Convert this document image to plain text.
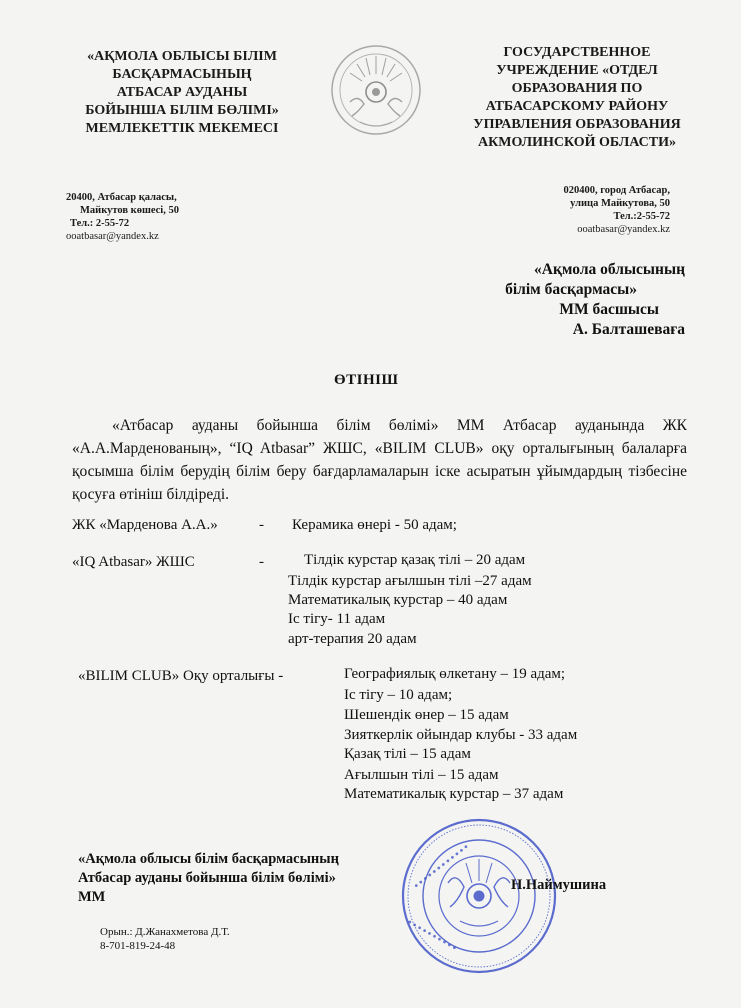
«АҚМОЛА ОБЛЫСЫ БІЛІМ
БАСҚАРМАСЫНЫҢ
АТБАСАР АУДАНЫ
БОЙЫНША БІЛІМ БӨЛІМІ»
МЕМЛЕКЕТТІК МЕКЕМЕСІ
ГОСУДАРСТВЕННОЕ
УЧРЕЖДЕНИЕ «ОТДЕЛ
ОБРАЗОВАНИЯ ПО
АТБАСАРСКОМУ РАЙОНУ
УПРАВЛЕНИЯ ОБРАЗОВАНИЯ
АКМОЛИНСКОЙ ОБЛАСТИ»
20400, Атбасар қаласы,
Майкутов көшесі, 50
Тел.: 2-55-72
ooatbasar@yandex.kz
020400, город Атбасар,
улица Майкутова, 50
Тел.:2-55-72
ooatbasar@yandex.kz
«Ақмола облысының
білім басқармасы»
ММ басшысы
А. Балташеваға
ӨТІНІШ
«Атбасар ауданы бойынша білім бөлімі» ММ Атбасар ауданында ЖК «А.А.Марденованың», “IQ Atbasar” ЖШС, «BILIM CLUB» оқу орталығының балаларға қосымша білім берудің білім беру бағдарламаларын іске асыратын ұйымдардың тізбесіне қосуға өтініш білдіреді.
ЖК «Марденова А.А.»	- Керамика өнері - 50 адам;
«IQ Atbasar» ЖШС	-	Тілдік курстар қазақ тілі – 20 адам
Тілдік курстар ағылшын тілі –27 адам
Математикалық курстар – 40 адам
Іс тігу- 11 адам
арт-терапия 20 адам
«BILIM CLUB» Оқу орталығы -	Географиялық өлкетану – 19 адам;
Іс тігу – 10 адам;
Шешендік өнер – 15 адам
Зияткерлік ойындар клубы - 33 адам
Қазақ тілі – 15 адам
Ағылшын тілі – 15 адам
Математикалық курстар – 37 адам
● ● ● ● ● ● ● ● ● ● ● ●
● ● ● ● ● ● ● ● ● ●
«Ақмола облысы білім басқармасының
Атбасар ауданы бойынша білім бөлімі»
ММ
Н.Наймушина
Орын.: Д.Жанахметова Д.Т.
8-701-819-24-48
